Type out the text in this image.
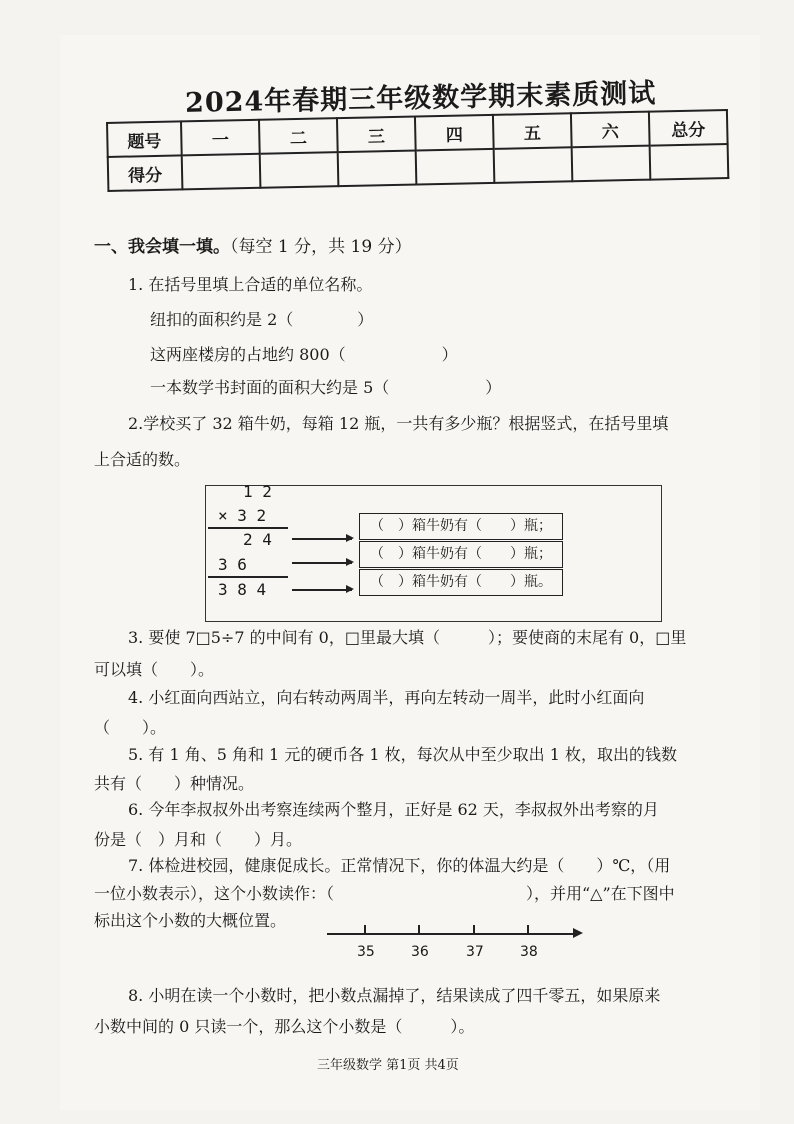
2024年春期三年级数学期末素质测试
题号	一	二	三	四	五	六	总分
得分							
一、我会填一填。（每空 1 分，共 19 分）
1. 在括号里填上合适的单位名称。
纽扣的面积约是 2（　　　　）
这两座楼房的占地约 800（　　　　　　）
一本数学书封面的面积大约是 5（　　　　　　）
2.学校买了 32 箱牛奶，每箱 12 瓶，一共有多少瓶？根据竖式，在括号里填
上合适的数。
1 2
× 3 2
2 4
3 6
3 8 4
（　）箱牛奶有（　　）瓶；
（　）箱牛奶有（　　）瓶；
（　）箱牛奶有（　　）瓶。
3. 要使 7□5÷7 的中间有 0，□里最大填（　　　）；要使商的末尾有 0，□里
可以填（　　）。
4. 小红面向西站立，向右转动两周半，再向左转动一周半，此时小红面向
（　　）。
5. 有 1 角、5 角和 1 元的硬币各 1 枚，每次从中至少取出 1 枚，取出的钱数
共有（　　）种情况。
6. 今年李叔叔外出考察连续两个整月，正好是 62 天，李叔叔外出考察的月
份是（　）月和（　　）月。
7. 体检进校园，健康促成长。正常情况下，你的体温大约是（　　）℃，（用
一位小数表示），这个小数读作：（　　　　　　　　　　　　），并用“△”在下图中
标出这个小数的大概位置。
35	36	37	38
8. 小明在读一个小数时，把小数点漏掉了，结果读成了四千零五，如果原来
小数中间的 0 只读一个，那么这个小数是（　　　）。
三年级数学 第1页 共4页
